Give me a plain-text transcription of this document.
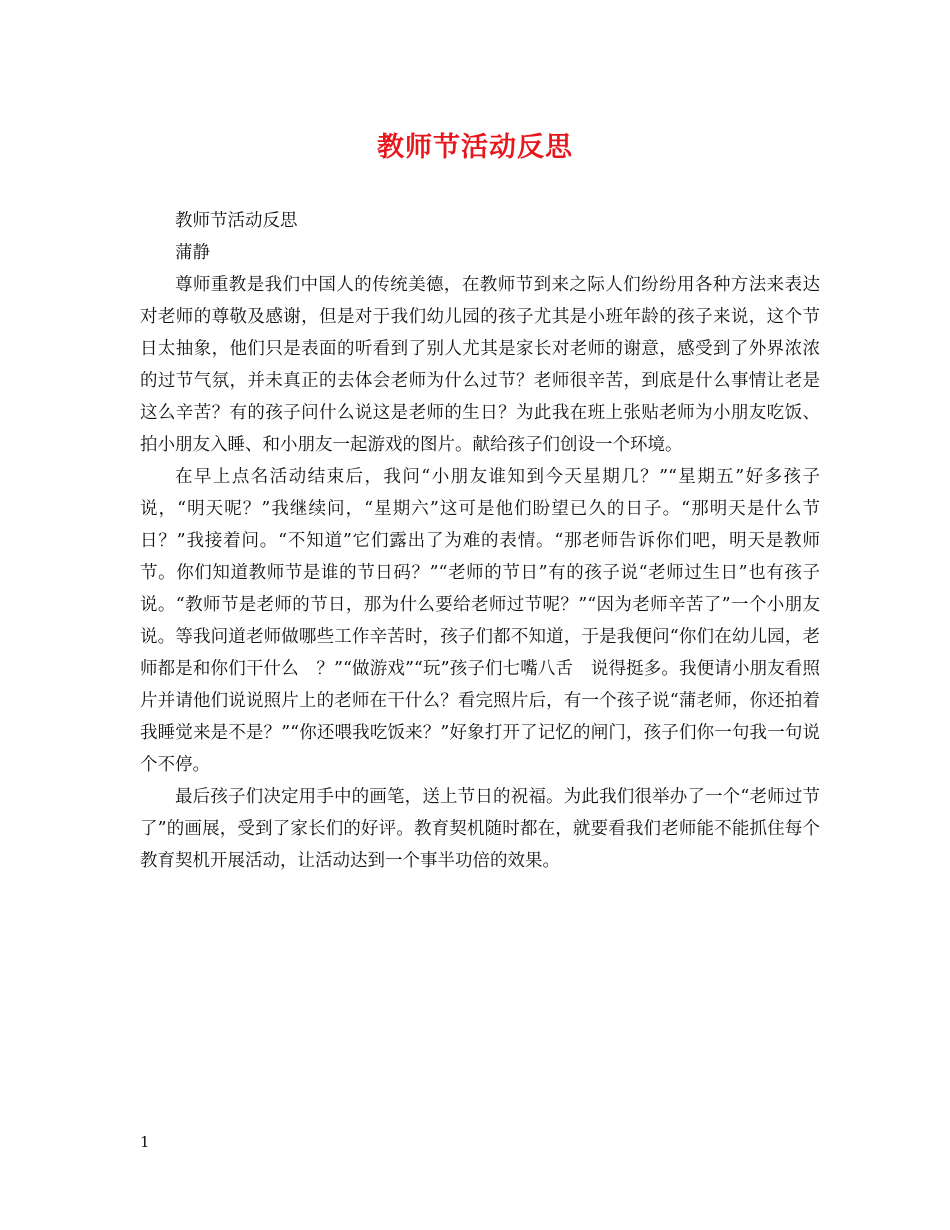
教师节活动反思

教师节活动反思

蒲静

尊师重教是我们中国人的传统美德，在教师节到来之际人们纷纷用各种方法来表达对老师的尊敬及感谢，但是对于我们幼儿园的孩子尤其是小班年龄的孩子来说，这个节日太抽象，他们只是表面的听看到了别人尤其是家长对老师的谢意，感受到了外界浓浓的过节气氛，并未真正的去体会老师为什么过节？老师很辛苦，到底是什么事情让老是这么辛苦？有的孩子问什么说这是老师的生日？为此我在班上张贴老师为小朋友吃饭、拍小朋友入睡、和小朋友一起游戏的图片。献给孩子们创设一个环境。

在早上点名活动结束后，我问“小朋友谁知到今天星期几？”“星期五”好多孩子说，“明天呢？”我继续问，“星期六”这可是他们盼望已久的日子。“那明天是什么节日？”我接着问。“不知道”它们露出了为难的表情。“那老师告诉你们吧，明天是教师节。你们知道教师节是谁的节日码？”“老师的节日”有的孩子说“老师过生日”也有孩子说。“教师节是老师的节日，那为什么要给老师过节呢？”“因为老师辛苦了”一个小朋友说。等我问道老师做哪些工作辛苦时，孩子们都不知道，于是我便问“你们在幼儿园，老师都是和你们干什么　？”“做游戏”“玩”孩子们七嘴八舌　说得挺多。我便请小朋友看照片并请他们说说照片上的老师在干什么？看完照片后，有一个孩子说“蒲老师，你还拍着我睡觉来是不是？”“你还喂我吃饭来？”好象打开了记忆的闸门，孩子们你一句我一句说个不停。

最后孩子们决定用手中的画笔，送上节日的祝福。为此我们很举办了一个“老师过节了”的画展，受到了家长们的好评。教育契机随时都在，就要看我们老师能不能抓住每个教育契机开展活动，让活动达到一个事半功倍的效果。

1
